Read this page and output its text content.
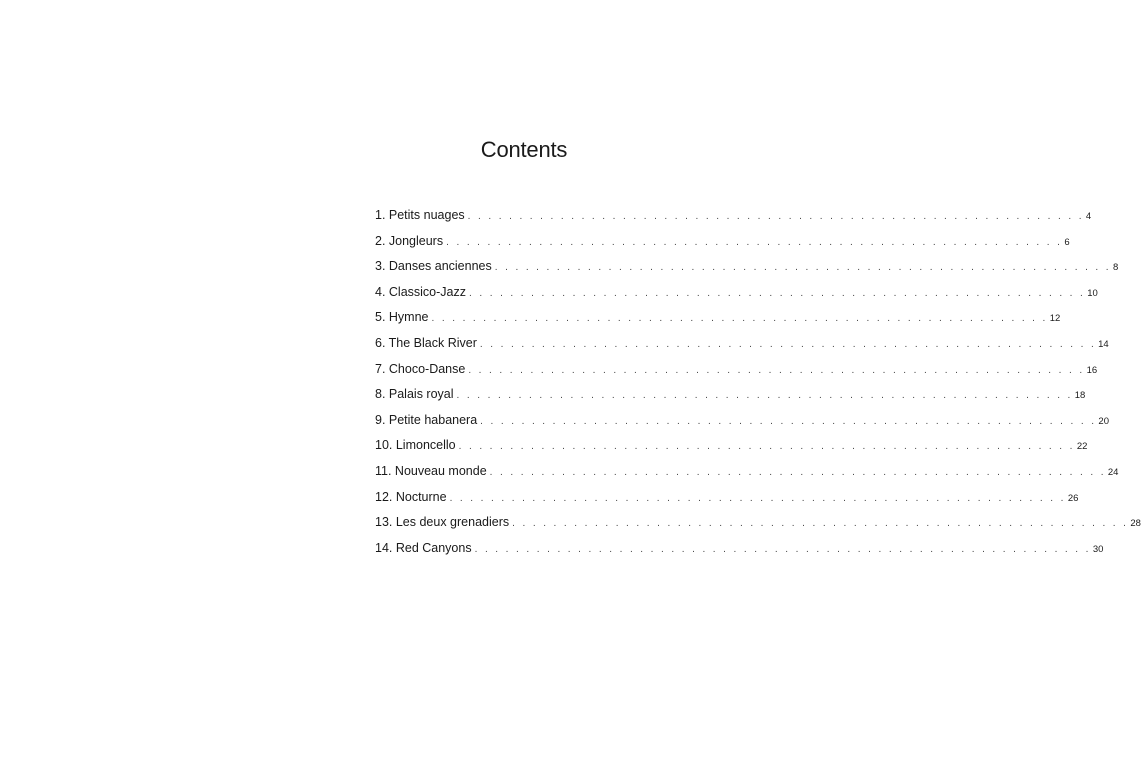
Contents
1. Petits nuages . . . . . . . . . . . . . . . . . . . . . . . . . . . . . . . . . . . . . . . . . . . . . . . . . . . . . . . . . . . . 4
2. Jongleurs . . . . . . . . . . . . . . . . . . . . . . . . . . . . . . . . . . . . . . . . . . . . . . . . . . . . . . . . . . . . 6
3. Danses anciennes . . . . . . . . . . . . . . . . . . . . . . . . . . . . . . . . . . . . . . . . . . . . . . . . . . . . . . . . . . . . 8
4. Classico-Jazz . . . . . . . . . . . . . . . . . . . . . . . . . . . . . . . . . . . . . . . . . . . . . . . . . . . . . . . . . . . . 10
5. Hymne . . . . . . . . . . . . . . . . . . . . . . . . . . . . . . . . . . . . . . . . . . . . . . . . . . . . . . . . . . . . 12
6. The Black River . . . . . . . . . . . . . . . . . . . . . . . . . . . . . . . . . . . . . . . . . . . . . . . . . . . . . . . . . . . . 14
7. Choco-Danse . . . . . . . . . . . . . . . . . . . . . . . . . . . . . . . . . . . . . . . . . . . . . . . . . . . . . . . . . . . . 16
8. Palais royal . . . . . . . . . . . . . . . . . . . . . . . . . . . . . . . . . . . . . . . . . . . . . . . . . . . . . . . . . . . . 18
9. Petite habanera . . . . . . . . . . . . . . . . . . . . . . . . . . . . . . . . . . . . . . . . . . . . . . . . . . . . . . . . . . . . 20
10. Limoncello . . . . . . . . . . . . . . . . . . . . . . . . . . . . . . . . . . . . . . . . . . . . . . . . . . . . . . . . . . . . 22
11. Nouveau monde . . . . . . . . . . . . . . . . . . . . . . . . . . . . . . . . . . . . . . . . . . . . . . . . . . . . . . . . . . . . 24
12. Nocturne . . . . . . . . . . . . . . . . . . . . . . . . . . . . . . . . . . . . . . . . . . . . . . . . . . . . . . . . . . . . 26
13. Les deux grenadiers . . . . . . . . . . . . . . . . . . . . . . . . . . . . . . . . . . . . . . . . . . . . . . . . . . . . . . . . . . . . 28
14. Red Canyons . . . . . . . . . . . . . . . . . . . . . . . . . . . . . . . . . . . . . . . . . . . . . . . . . . . . . . . . . . . . 30
